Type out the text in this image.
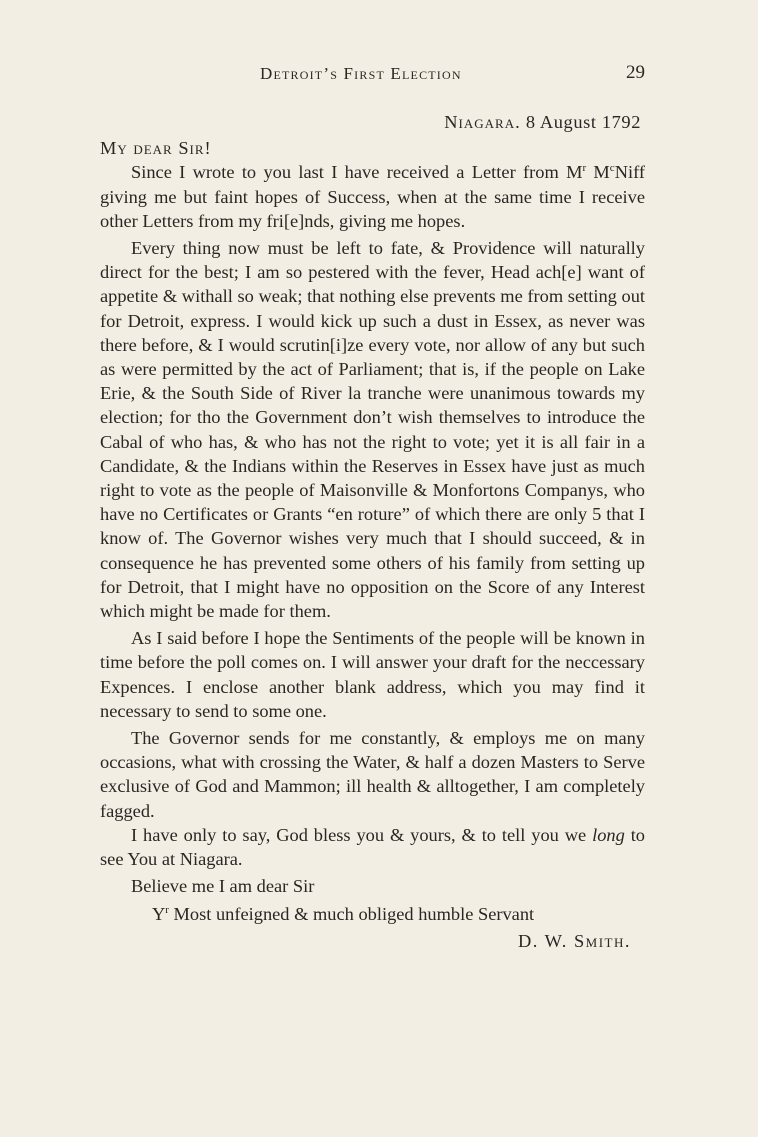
Detroit’s First Election	29
Niagara. 8 August 1792
My dear Sir!

Since I wrote to you last I have received a Letter from $M^r$ $M^cNiff$ giving me but faint hopes of Success, when at the same time I receive other Letters from my fri[e]nds, giving me hopes.

Every thing now must be left to fate, & Providence will naturally direct for the best; I am so pestered with the fever, Head ach[e] want of appetite & withall so weak; that nothing else prevents me from setting out for Detroit, express. I would kick up such a dust in Essex, as never was there before, & I would scrutin[i]ze every vote, nor allow of any but such as were permitted by the act of Parliament; that is, if the people on Lake Erie, & the South Side of River la tranche were unanimous towards my election; for tho the Government don’t wish themselves to introduce the Cabal of who has, & who has not the right to vote; yet it is all fair in a Candidate, & the Indians within the Reserves in Essex have just as much right to vote as the people of Maisonville & Monfortons Companys, who have no Certificates or Grants “en roture” of which there are only 5 that I know of. The Governor wishes very much that I should succeed, & in consequence he has prevented some others of his family from setting up for Detroit, that I might have no opposition on the Score of any Interest which might be made for them.

As I said before I hope the Sentiments of the people will be known in time before the poll comes on. I will answer your draft for the neccessary Expences. I enclose another blank address, which you may find it necessary to send to some one.

The Governor sends for me constantly, & employs me on many occasions, what with crossing the Water, & half a dozen Masters to Serve exclusive of God and Mammon; ill health & alltogether, I am completely fagged.

I have only to say, God bless you & yours, & to tell you we long to see You at Niagara.

Believe me I am dear Sir
$Y^r$ Most unfeigned & much obliged humble Servant
D. W. Smith.
